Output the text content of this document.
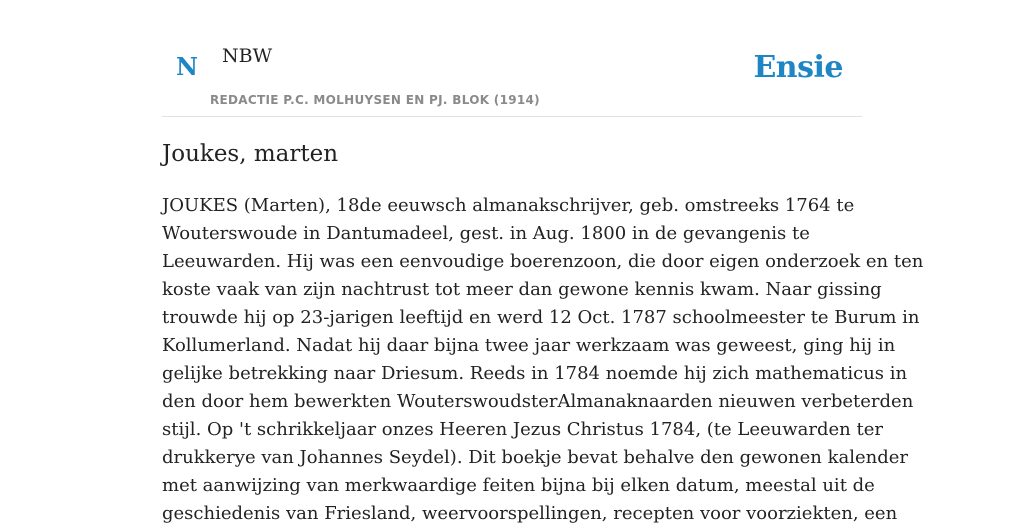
N NBW
REDACTIE P.C. MOLHUYSEN EN PJ. BLOK (1914)
Ensie
Joukes, marten
JOUKES (Marten), 18de eeuwsch almanakschrijver, geb. omstreeks 1764 te
Wouterswoude in Dantumadeel, gest. in Aug. 1800 in de gevangenis te
Leeuwarden. Hij was een eenvoudige boerenzoon, die door eigen onderzoek en ten
koste vaak van zijn nachtrust tot meer dan gewone kennis kwam. Naar gissing
trouwde hij op 23-jarigen leeftijd en werd 12 Oct. 1787 schoolmeester te Burum in
Kollumerland. Nadat hij daar bijna twee jaar werkzaam was geweest, ging hij in
gelijke betrekking naar Driesum. Reeds in 1784 noemde hij zich mathematicus in
den door hem bewerkten WouterswoudsterAlmanaknaarden nieuwen verbeterden
stijl. Op 't schrikkeljaar onzes Heeren Jezus Christus 1784, (te Leeuwarden ter
drukkerye van Johannes Seydel). Dit boekje bevat behalve den gewonen kalender
met aanwijzing van merkwaardige feiten bijna bij elken datum, meestal uit de
geschiedenis van Friesland, weervoorspellingen, recepten voor voorziekten, een
